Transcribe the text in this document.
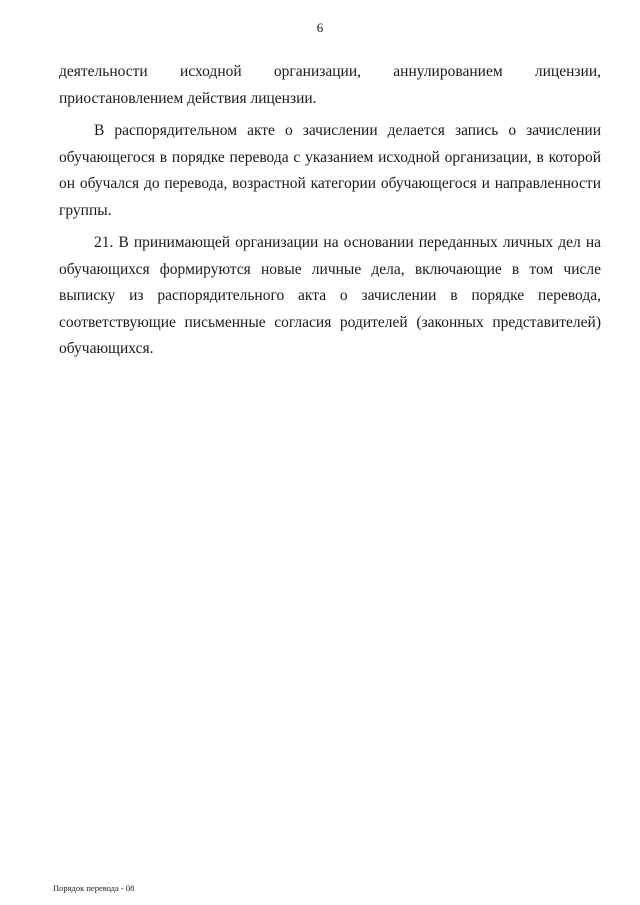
6

деятельности исходной организации, аннулированием лицензии, приостановлением действия лицензии.

В распорядительном акте о зачислении делается запись о зачислении обучающегося в порядке перевода с указанием исходной организации, в которой он обучался до перевода, возрастной категории обучающегося и направленности группы.

21. В принимающей организации на основании переданных личных дел на обучающихся формируются новые личные дела, включающие в том числе выписку из распорядительного акта о зачислении в порядке перевода, соответствующие письменные согласия родителей (законных представителей) обучающихся.

Порядок перевода - 08
